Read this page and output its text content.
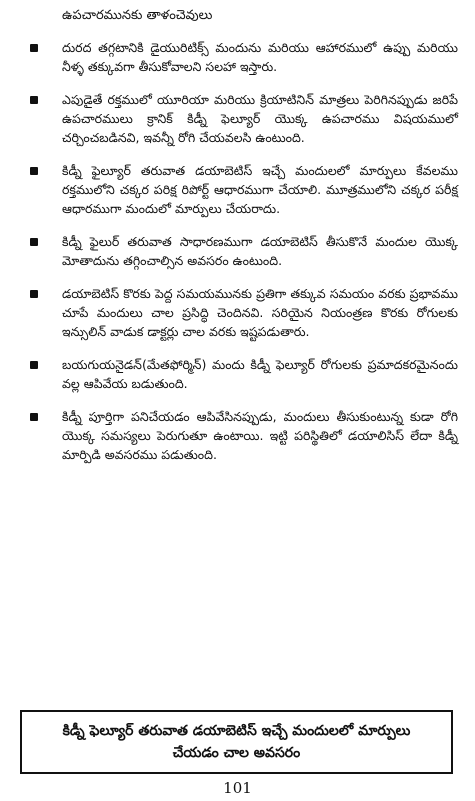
ఉపచారమునకు తాళంచెవులు

దురద తగ్గటానికి డైయురిటిక్స్ మందును మరియు ఆహారములో ఉప్పు మరియు నీళ్ళ తక్కువగా తీసుకోవాలని సలహా ఇస్తారు.
ఎపుడైతే రక్తములో యూరియా మరియు క్రియాటినిన్ మాత్రలు పెరిగినప్పుడు జరిపే ఉపచారములు క్రానిక్ కిడ్నీ ఫెల్యూర్ యొక్క ఉపచారము విషయములో చర్చించబడినవి, ఇవన్నీ రోగి చేయవలసి ఉంటుంది.
కిడ్నీ ఫైల్యూర్ తరువాత డయాబెటిస్ ఇచ్చే మందులలో మార్పులు కేవలము రక్తములోని చక్కర పరిక్ష రిపోర్ట్ ఆధారముగా చేయాలి. మూత్రములోని చక్కర పరీక్ష ఆధారముగా మందులో మార్పులు చేయరాదు.
కిడ్నీ ఫైలుర్ తరువాత సాధారణముగా డయాబెటిస్ తీసుకొనే మందుల యొక్క మోతాదును తగ్గించాల్సిన అవసరం ఉంటుంది.
డయాబెటిస్ కొరకు పెద్ద సమయమునకు ప్రతిగా తక్కువ సమయం వరకు ప్రభావము చూపే మందులు చాల ప్రసిద్ధి చెందినవి. సరియైన నియంత్రణ కొరకు రోగులకు ఇన్సులిన్ వాడుక డాక్టర్లు చాల వరకు ఇష్టపడుతారు.
బయగుయనైడన్(మేతఫోర్మిన్) మందు కిడ్నీ ఫెల్యూర్ రోగులకు ప్రమాదకరమైనందు వల్ల ఆపివేయ బడుతుంది.
కిడ్నీ పూర్తిగా పనిచేయడం ఆపివేసినప్పుడు, మందులు తీసుకుంటున్న కుడా రోగి యొక్క సమస్యలు పెరుగుతూ ఉంటాయి. ఇట్టి పరిస్థితిలో డయాలిసిస్ లేదా కిడ్నీ మార్పిడి అవసరము పడుతుంది.
కిడ్నీ ఫెల్యూర్ తరువాత డయాబెటిస్ ఇచ్చే మందులలో మార్పులు
చేయడం చాల అవసరం
101
